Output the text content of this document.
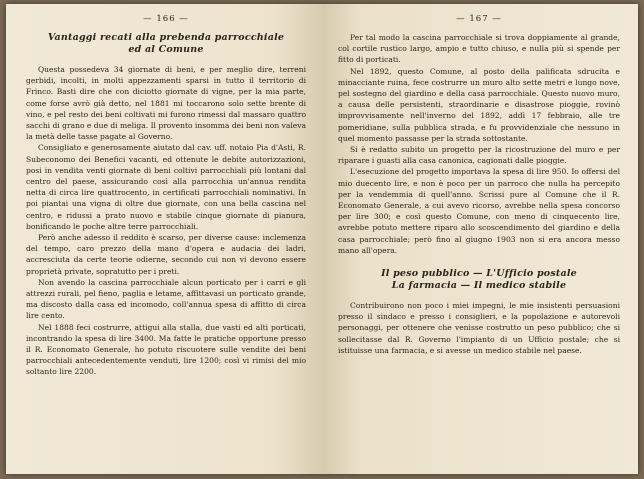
— 166 —
Vantaggi recati alla prebenda parrocchiale
ed al Comune

Questa possedeva 34 giornate di beni, e per meglio dire, terreni gerbidi, incolti, in molti appezzamenti sparsi in tutto il territorio di Frinco. Basti dire che con diciotto giornate di vigne, per la mia parte, come forse avrò già detto, nel 1881 mi toccarono solo sette brente di vino, e pel resto dei beni coltivati mi furono rimessi dal massaro quattro sacchi di grano e due di meliga. Il provento insomma dei beni non valeva la metà delle tasse pagate al Governo.

Consigliato e generosamente aiutato dal cav. uff. notaio Pia d'Asti, R. Subeconomo dei Benefici vacanti, ed ottenute le debite autorizzazioni, posi in vendita venti giornate di beni coltivi parrocchiali più lontani dal centro del paese, assicurando così alla parrocchia un'annua rendita netta di circa lire quattrocento, in certificati parrocchiali nominativi. In poi piantai una vigna di oltre due giornate, con una bella cascina nel centro, e ridussi a prato nuovo e stabile cinque giornate di pianura, bonificando le poche altre terre parrocchiali.

Però anche adesso il reddito è scarso, per diverse cause: inclemenza del tempo, caro prezzo della mano d'opera e audacia dei ladri, accresciuta da certe teorie odierne, secondo cui non vi devono essere proprietà private, sopratutto per i preti.

Non avendo la cascina parrocchiale alcun porticato per i carri e gli attrezzi rurali, pel fieno, paglia e letame, affittavasi un porticato grande, ma discosto dalla casa ed incomodo, coll'annua spesa di affitto di circa lire cento.

Nel 1888 feci costrurre, attigui alla stalla, due vasti ed alti porticati, incontrando la spesa di lire 3400. Ma fatte le pratiche opportune presso il R. Economato Generale, ho potuto riscuotere sulle vendite dei beni parrocchiali antecedentemente venduti, lire 1200; così vi rimisi del mio soltanto lire 2200.

— 167 —

Per tal modo la cascina parrocchiale si trova doppiamente al grande, col cortile rustico largo, ampio e tutto chiuso, e nulla più si spende per fitto di porticati.

Nel 1892, questo Comune, al posto della palificata sdrucita e minacciante ruina, fece costrurre un muro alto sette metri e lungo nove, pel sostegno del giardino e della casa parrocchiale. Questo nuovo muro, a causa delle persistenti, straordinarie e disastrose pioggie, rovinò improvvisamente nell'inverno del 1892, addì 17 febbraio, alle tre pomeridiane, sulla pubblica strada, e fu provvidenziale che nessuno in quel momento passasse per la strada sottostante.

Si è redatto subito un progetto per la ricostruzione del muro e per riparare i guasti alla casa canonica, cagionati dalle pioggie.

L'esecuzione del progetto importava la spesa di lire 950. Io offersi del mio duecento lire, e non è poco per un parroco che nulla ha percepito per la vendemmia di quell'anno. Scrissi pure al Comune che il R. Economato Generale, a cui avevo ricorso, avrebbe nella spesa concorso per lire 300; e così questo Comune, con meno di cinquecento lire, avrebbe potuto mettere riparo allo scoscendimento del giardino e della casa parrocchiale; però fino al giugno 1903 non si era ancora messo mano all'opera.

Il peso pubblico — L'Ufficio postale
La farmacia — Il medico stabile

Contribuirono non poco i miei impegni, le mie insistenti persuasioni presso il sindaco e presso i consiglieri, e la popolazione e autorevoli personaggi, per ottenere che venisse costrutto un peso pubblico; che si sollecitasse dal R. Governo l'impianto di un Ufficio postale; che si istituisse una farmacia, e si avesse un medico stabile nel paese.
